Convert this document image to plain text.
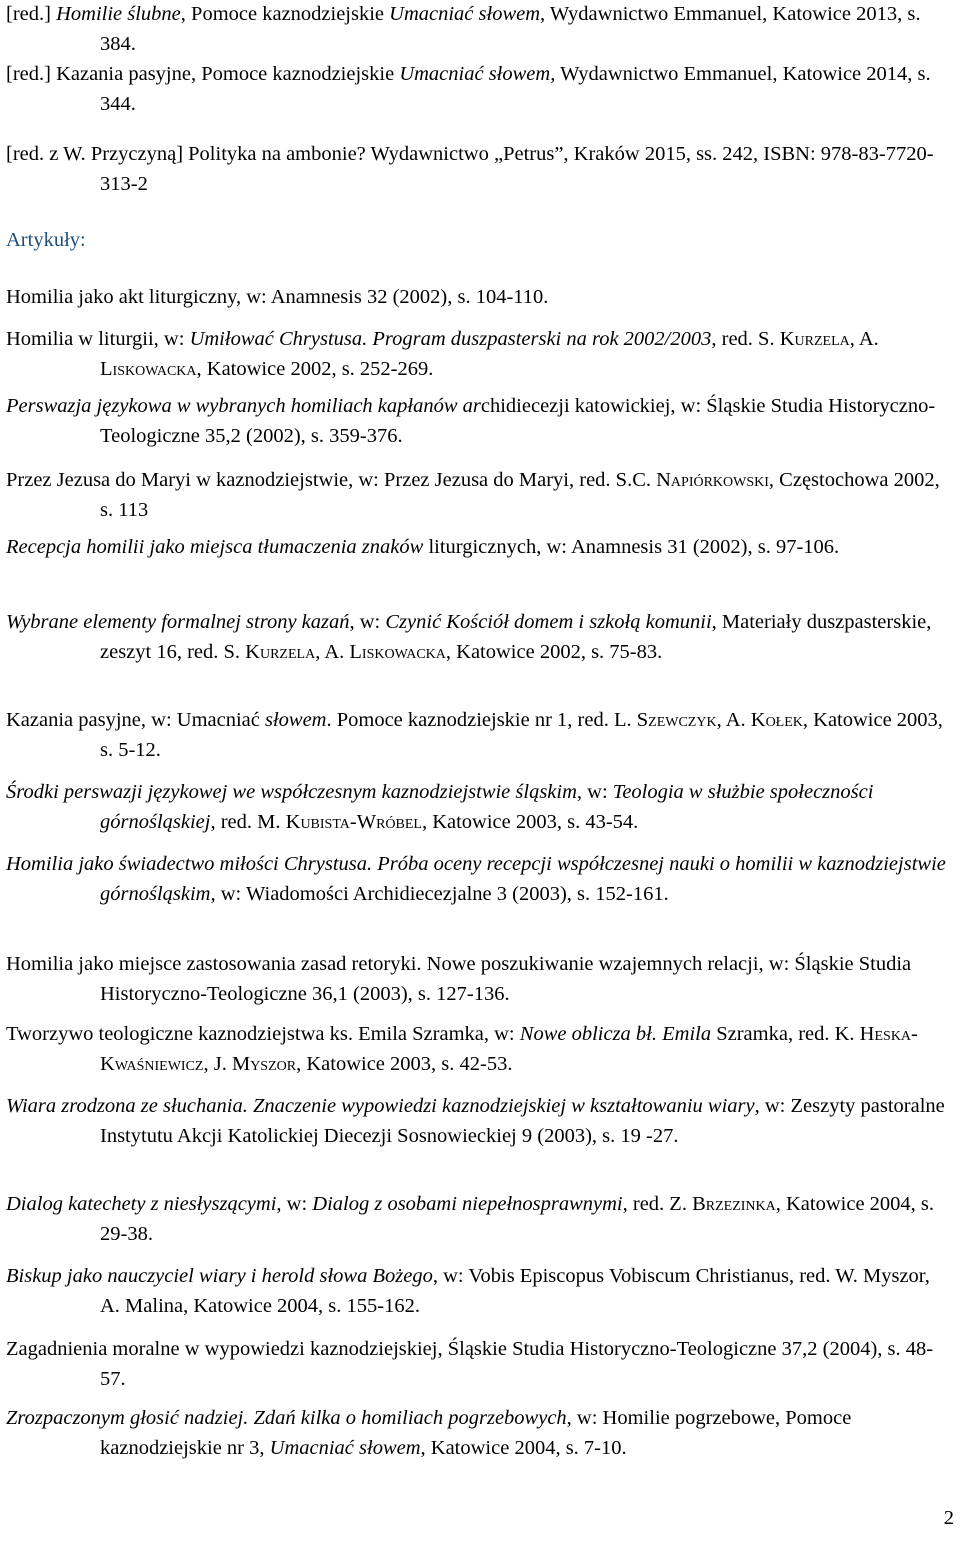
[red.] Homilie ślubne, Pomoce kaznodziejskie Umacniać słowem, Wydawnictwo Emmanuel, Katowice 2013, s. 384.

[red.] Kazania pasyjne, Pomoce kaznodziejskie Umacniać słowem, Wydawnictwo Emmanuel, Katowice 2014, s. 344.

[red. z W. Przyczyną] Polityka na ambonie? Wydawnictwo „Petrus”, Kraków 2015, ss. 242, ISBN: 978-83-7720-313-2

Artykuły:

Homilia jako akt liturgiczny, w: Anamnesis 32 (2002), s. 104-110.

Homilia w liturgii, w: Umiłować Chrystusa. Program duszpasterski na rok 2002/2003, red. S. Kurzela, A. Liskowacka, Katowice 2002, s. 252-269.

Perswazja językowa w wybranych homiliach kapłanów archidiecezji katowickiej, w: Śląskie Studia Historyczno-Teologiczne 35,2 (2002), s. 359-376.

Przez Jezusa do Maryi w kaznodziejstwie, w: Przez Jezusa do Maryi, red. S.C. Napiórkowski, Częstochowa 2002, s. 113

Recepcja homilii jako miejsca tłumaczenia znaków liturgicznych, w: Anamnesis 31 (2002), s. 97-106.

Wybrane elementy formalnej strony kazań, w: Czynić Kościół domem i szkołą komunii, Materiały duszpasterskie, zeszyt 16, red. S. Kurzela, A. Liskowacka, Katowice 2002, s. 75-83.

Kazania pasyjne, w: Umacniać słowem. Pomoce kaznodziejskie nr 1, red. L. Szewczyk, A. Kołek, Katowice 2003, s. 5-12.

Środki perswazji językowej we współczesnym kaznodziejstwie śląskim, w: Teologia w służbie społeczności górnośląskiej, red. M. Kubista-Wróbel, Katowice 2003, s. 43-54.

Homilia jako świadectwo miłości Chrystusa. Próba oceny recepcji współczesnej nauki o homilii w kaznodziejstwie górnośląskim, w: Wiadomości Archidiecezjalne 3 (2003), s. 152-161.

Homilia jako miejsce zastosowania zasad retoryki. Nowe poszukiwanie wzajemnych relacji, w: Śląskie Studia Historyczno-Teologiczne 36,1 (2003), s. 127-136.

Tworzywo teologiczne kaznodziejstwa ks. Emila Szramka, w: Nowe oblicza bł. Emila Szramka, red. K. Heska-Kwaśniewicz, J. Myszor, Katowice 2003, s. 42-53.

Wiara zrodzona ze słuchania. Znaczenie wypowiedzi kaznodziejskiej w kształtowaniu wiary, w: Zeszyty pastoralne Instytutu Akcji Katolickiej Diecezji Sosnowieckiej 9 (2003), s. 19 -27.

Dialog katechety z niesłyszącymi, w: Dialog z osobami niepełnosprawnymi, red. Z. Brzezinka, Katowice 2004, s. 29-38.

Biskup jako nauczyciel wiary i herold słowa Bożego, w: Vobis Episcopus Vobiscum Christianus, red. W. Myszor, A. Malina, Katowice 2004, s. 155-162.

Zagadnienia moralne w wypowiedzi kaznodziejskiej, Śląskie Studia Historyczno-Teologiczne 37,2 (2004), s. 48-57.

Zrozpaczonym głosić nadziej. Zdań kilka o homiliach pogrzebowych, w: Homilie pogrzebowe, Pomoce kaznodziejskie nr 3, Umacniać słowem, Katowice 2004, s. 7-10.

2
